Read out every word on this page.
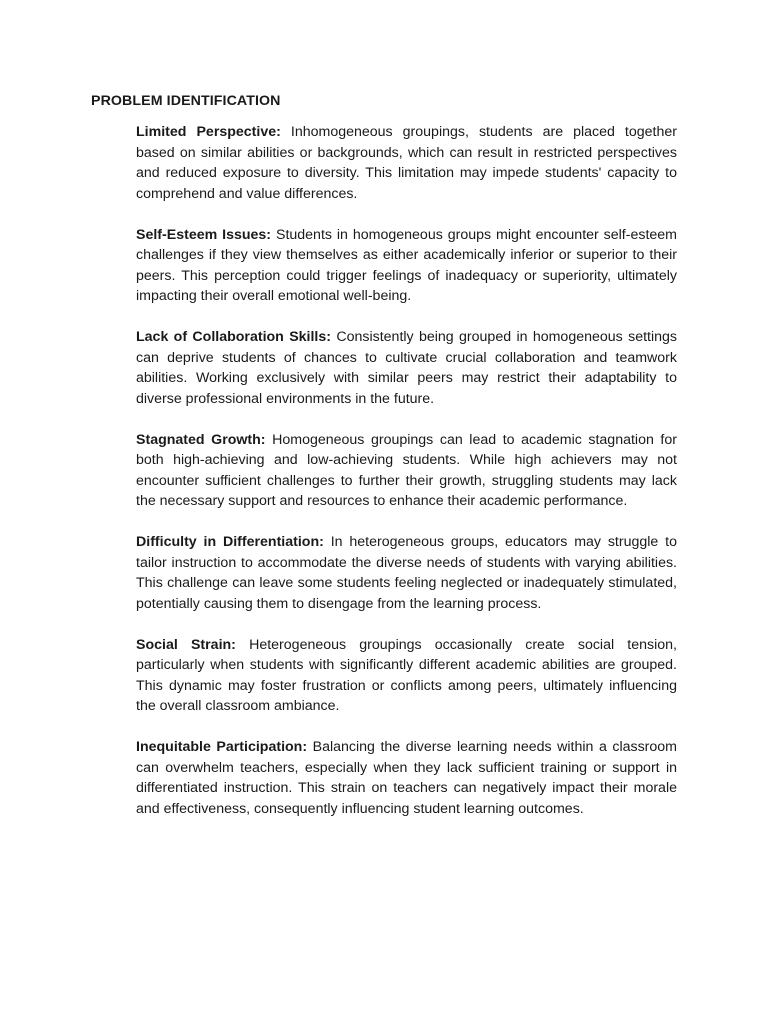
PROBLEM IDENTIFICATION

Limited Perspective: Inhomogeneous groupings, students are placed together based on similar abilities or backgrounds, which can result in restricted perspectives and reduced exposure to diversity. This limitation may impede students' capacity to comprehend and value differences.

Self-Esteem Issues: Students in homogeneous groups might encounter self-esteem challenges if they view themselves as either academically inferior or superior to their peers. This perception could trigger feelings of inadequacy or superiority, ultimately impacting their overall emotional well-being.

Lack of Collaboration Skills: Consistently being grouped in homogeneous settings can deprive students of chances to cultivate crucial collaboration and teamwork abilities. Working exclusively with similar peers may restrict their adaptability to diverse professional environments in the future.

Stagnated Growth: Homogeneous groupings can lead to academic stagnation for both high-achieving and low-achieving students. While high achievers may not encounter sufficient challenges to further their growth, struggling students may lack the necessary support and resources to enhance their academic performance.

Difficulty in Differentiation: In heterogeneous groups, educators may struggle to tailor instruction to accommodate the diverse needs of students with varying abilities. This challenge can leave some students feeling neglected or inadequately stimulated, potentially causing them to disengage from the learning process.

Social Strain: Heterogeneous groupings occasionally create social tension, particularly when students with significantly different academic abilities are grouped. This dynamic may foster frustration or conflicts among peers, ultimately influencing the overall classroom ambiance.

Inequitable Participation: Balancing the diverse learning needs within a classroom can overwhelm teachers, especially when they lack sufficient training or support in differentiated instruction. This strain on teachers can negatively impact their morale and effectiveness, consequently influencing student learning outcomes.
